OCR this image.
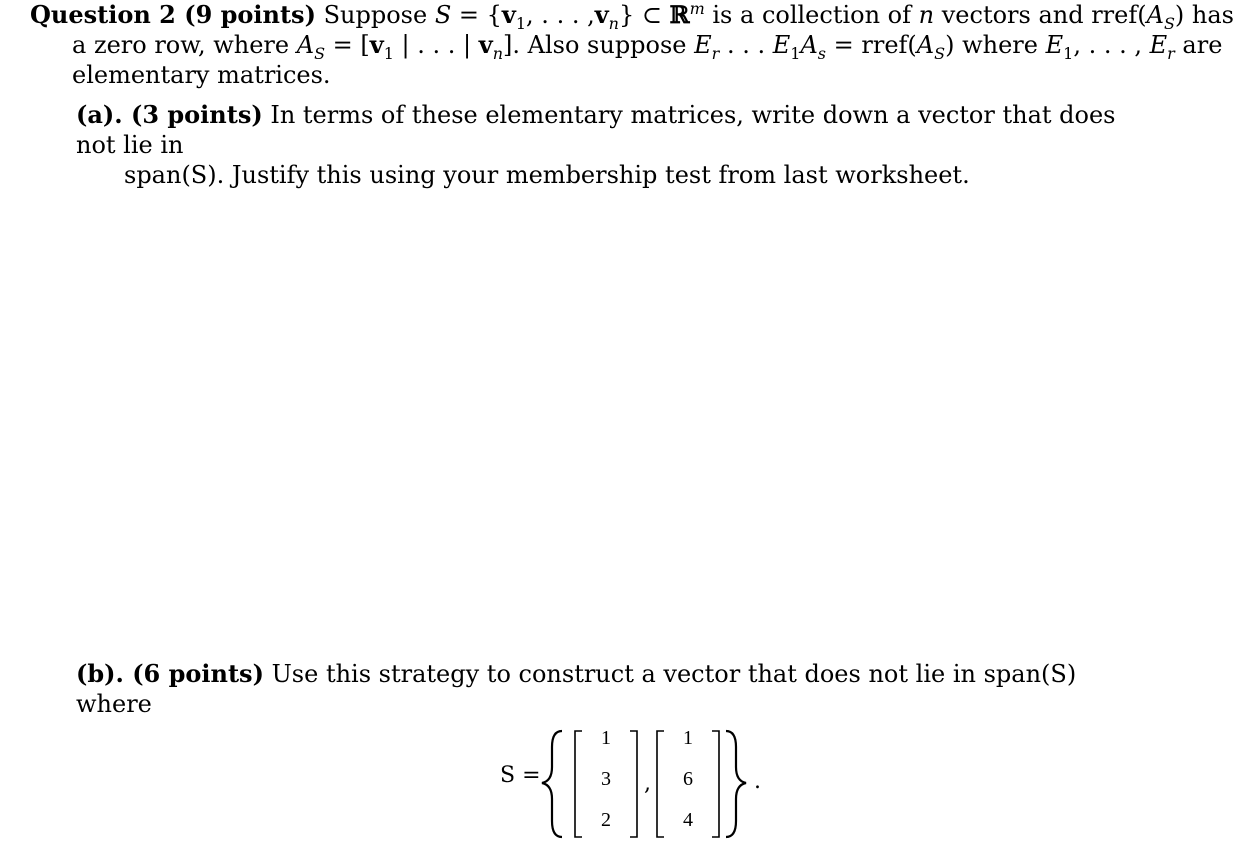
Question 2 (9 points) Suppose $S = \{v_1$, . . . $,v_n$} ⊂ ℝ$^m$ is a collection of n vectors and $rref(A_S)$ has
a zero row, where $A_S = [v_1$ | . . . | $v_n$]. Also suppose $E_r$ . . . $E_1A_s$ = $rref(A_S)$ where $E_1$, . . . , $E_r$ are
elementary matrices.
(a). (3 points) In terms of these elementary matrices, write down a vector that does not lie in
span(S). Justify this using your membership test from last worksheet.
(b). (6 points) Use this strategy to construct a vector that does not lie in span(S) where
S =
1
3
2
,
1
6
4
.
